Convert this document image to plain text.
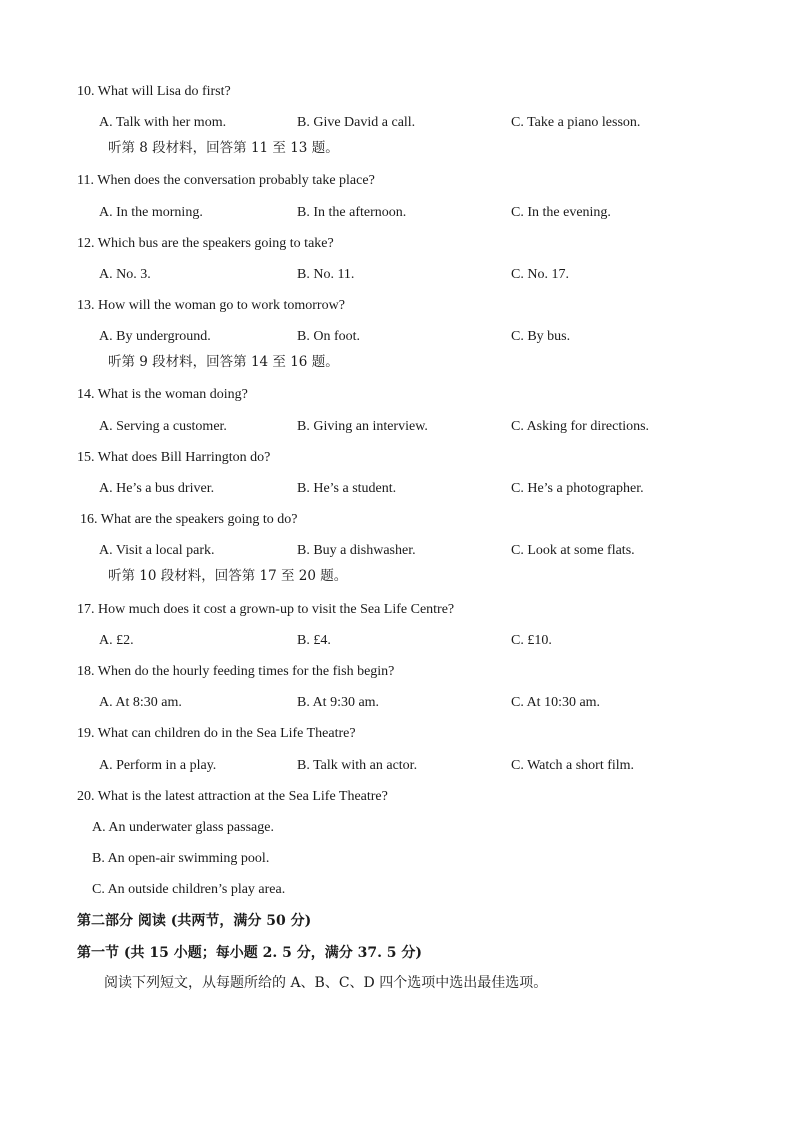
10. What will Lisa do first?
A. Talk with her mom.	B. Give David a call.	C. Take a piano lesson.
听第 8 段材料，回答第 11 至 13 题。
11. When does the conversation probably take place?
A. In the morning.	B. In the afternoon.	C. In the evening.
12. Which bus are the speakers going to take?
A. No. 3.	B. No. 11.	C. No. 17.
13. How will the woman go to work tomorrow?
A. By underground.	B. On foot.	C. By bus.
听第 9 段材料，回答第 14 至 16 题。
14. What is the woman doing?
A. Serving a customer.	B. Giving an interview.	C. Asking for directions.
15. What does Bill Harrington do?
A. He’s a bus driver.	B. He’s a student.	C. He’s a photographer.
16. What are the speakers going to do?
A. Visit a local park.	B. Buy a dishwasher.	C. Look at some flats.
听第 10 段材料，回答第 17 至 20 题。
17. How much does it cost a grown-up to visit the Sea Life Centre?
A. £2.	B. £4.	C. £10.
18. When do the hourly feeding times for the fish begin?
A. At 8:30 am.	B. At 9:30 am.	C. At 10:30 am.
19. What can children do in the Sea Life Theatre?
A. Perform in a play.	B. Talk with an actor.	C. Watch a short film.
20. What is the latest attraction at the Sea Life Theatre?
A. An underwater glass passage.
B. An open-air swimming pool.
C. An outside children’s play area.
第二部分 阅读 (共两节，满分 50 分)
第一节 (共 15 小题；每小题 2. 5 分，满分 37. 5 分)
阅读下列短文，从每题所给的 A、B、C、D 四个选项中选出最佳选项。
